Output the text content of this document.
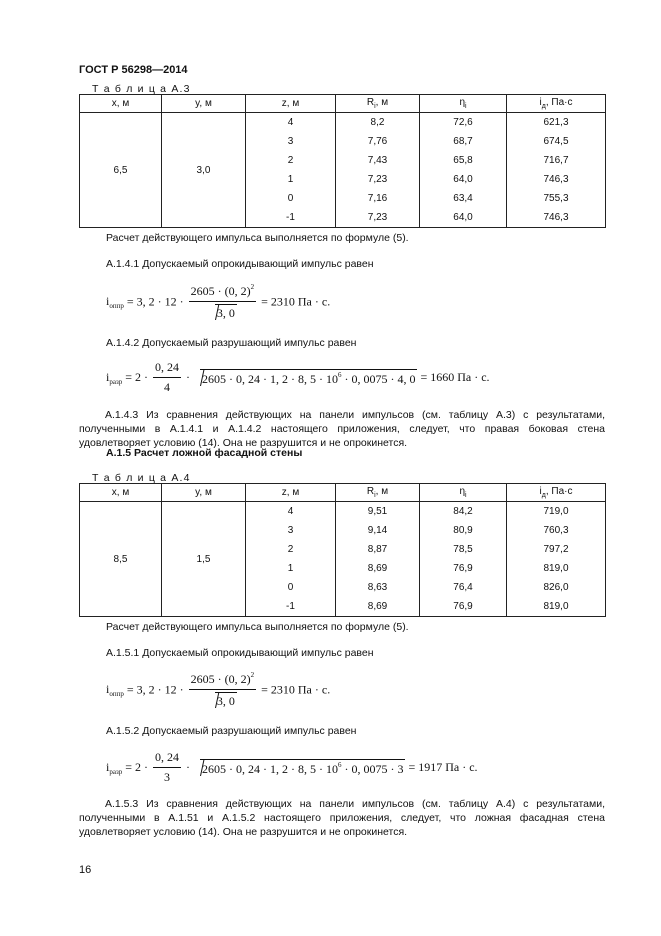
ГОСТ Р 56298—2014
Т а б л и ц а А.3
x, м	y, м	z, м	$R_i$, м	$\eta_i$	$i_д$, Па·с
6,5	3,0	4	8,2	72,6	621,3
		3	7,76	68,7	674,5
		2	7,43	65,8	716,7
		1	7,23	64,0	746,3
		0	7,16	63,4	755,3
		-1	7,23	64,0	746,3
Расчет действующего импульса выполняется по формуле (5).
А.1.4.1 Допускаемый опрокидывающий импульс равен
$i_{оппр} = 3$, $2 \cdot 12 \cdot \frac{2605 \cdot (0, 2)^2}{3, 0} = 2310$ Па · с.
А.1.4.2 Допускаемый разрушающий импульс равен
$i_{разр} = 2 \cdot \frac{0, 24}{4} \cdot 2605 \cdot 0$, 24 · 1, 2 · 8, $5 \cdot 10^6 \cdot 0$, 0075 · 4, 0 = 1660 Па · с.
А.1.4.3 Из сравнения действующих на панели импульсов (см. таблицу А.3) с результатами, полученными в А.1.4.1 и А.1.4.2 настоящего приложения, следует, что правая боковая стена удовлетворяет условию (14). Она не разрушится и не опрокинется.
А.1.5 Расчет ложной фасадной стены
Т а б л и ц а А.4
x, м	y, м	z, м	$R_i$, м	$\eta_i$	$i_д$, Па·с
8,5	1,5	4	9,51	84,2	719,0
		3	9,14	80,9	760,3
		2	8,87	78,5	797,2
		1	8,69	76,9	819,0
		0	8,63	76,4	826,0
		-1	8,69	76,9	819,0
Расчет действующего импульса выполняется по формуле (5).
А.1.5.1 Допускаемый опрокидывающий импульс равен
$i_{оппр} = 3$, $2 \cdot 12 \cdot \frac{2605 \cdot (0, 2)^2}{3, 0} = 2310$ Па · с.
А.1.5.2 Допускаемый разрушающий импульс равен
$i_{разр} = 2 \cdot \frac{0, 24}{3} \cdot 2605 \cdot 0$, 24 · 1, 2 · 8, $5 \cdot 10^6 \cdot 0$, 0075 · 3 = 1917 Па · с.
А.1.5.3 Из сравнения действующих на панели импульсов (см. таблицу А.4) с результатами, полученными в А.1.51 и А.1.5.2 настоящего приложения, следует, что ложная фасадная стена удовлетворяет условию (14). Она не разрушится и не опрокинется.
16
